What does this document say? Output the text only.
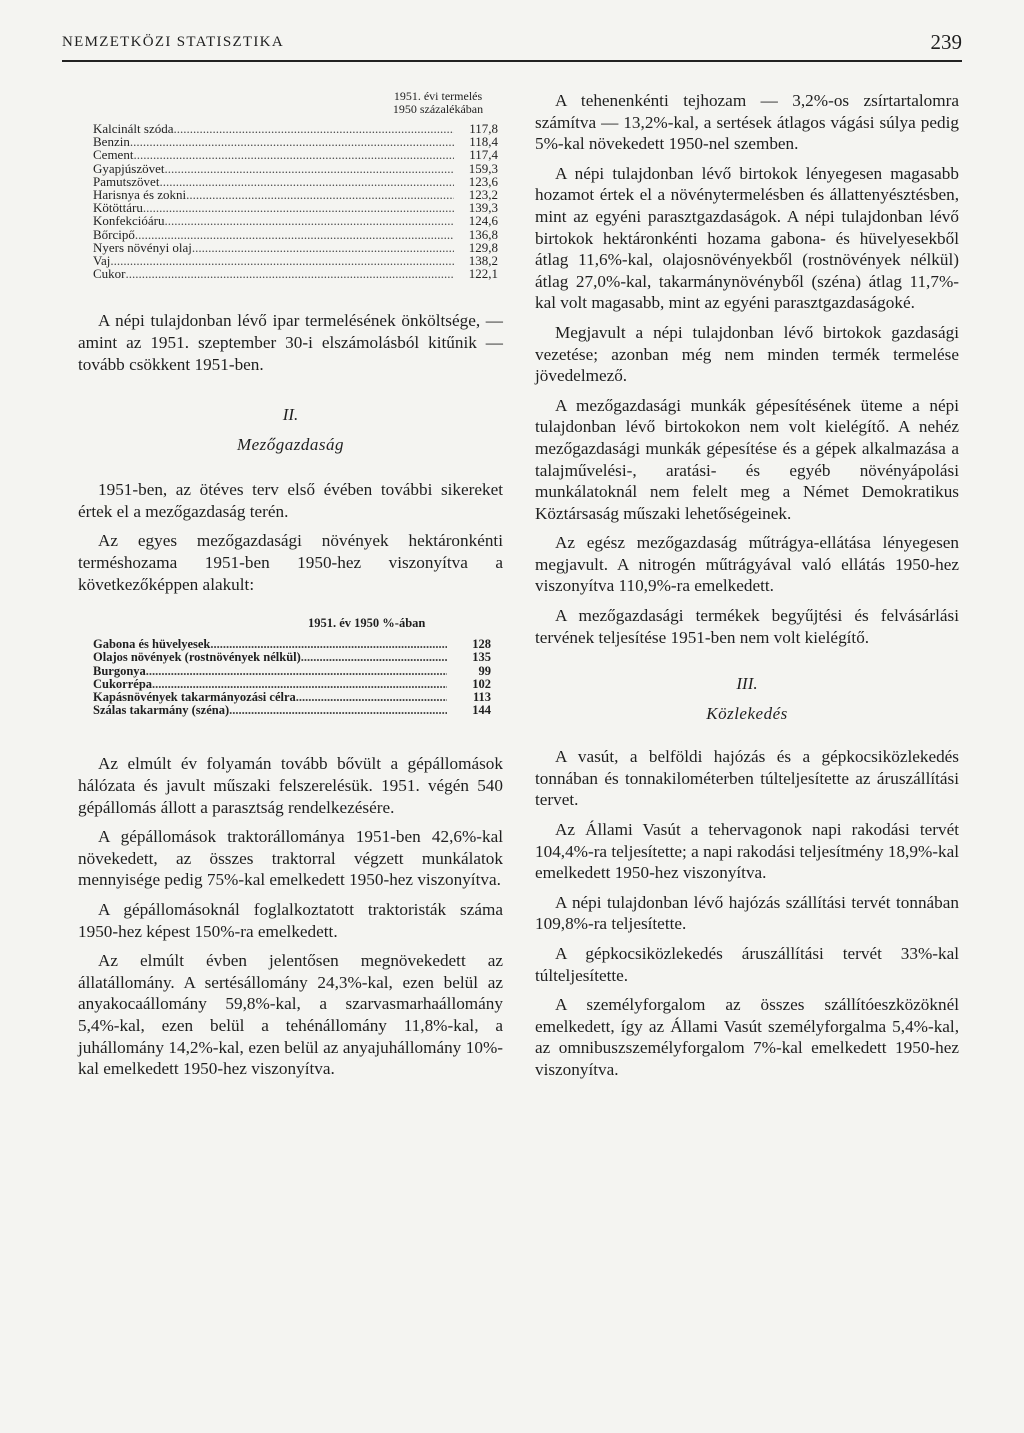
NEMZETKÖZI STATISZTIKA	239
1951. évi termelés
1950 százalékában
Kalcinált szóda .....	117,8
Benzin .....	118,4
Cement .....	117,4
Gyapjúszövet .....	159,3
Pamutszövet .....	123,6
Harisnya és zokni .....	123,2
Kötöttáru .....	139,3
Konfekcióáru .....	124,6
Bőrcipő .....	136,8
Nyers növényi olaj .....	129,8
Vaj .....	138,2
Cukor .....	122,1

A népi tulajdonban lévő ipar termelésének önköltsége, — amint az 1951. szeptember 30-i elszámolásból kitűnik — tovább csökkent 1951-ben.

II.
Mezőgazdaság

1951-ben, az ötéves terv első évében további sikereket értek el a mezőgazdaság terén.

Az egyes mezőgazdasági növények hektáronkénti terméshozama 1951-ben 1950-hez viszonyítva a következőképpen alakult:

1951. év 1950 %-ában
Gabona és hüvelyesek .....	128
Olajos növények (rostnövények nélkül) .....	135
Burgonya .....	99
Cukorrépa .....	102
Kapásnövények takarmányozási célra .....	113
Szálas takarmány (széna) .....	144

Az elmúlt év folyamán tovább bővült a gépállomások hálózata és javult műszaki felszerelésük. 1951. végén 540 gépállomás állott a parasztság rendelkezésére.

A gépállomások traktorállománya 1951-ben 42,6%-kal növekedett, az összes traktorral végzett munkálatok mennyisége pedig 75%-kal emelkedett 1950-hez viszonyítva.

A gépállomásoknál foglalkoztatott traktoristák száma 1950-hez képest 150%-ra emelkedett.

Az elmúlt évben jelentősen megnövekedett az állatállomány. A sertésállomány 24,3%-kal, ezen belül az anyakocaállomány 59,8%-kal, a szarvasmarhaállomány 5,4%-kal, ezen belül a tehénállomány 11,8%-kal, a juhállomány 14,2%-kal, ezen belül az anyajuhállomány 10%-kal emelkedett 1950-hez viszonyítva.

A tehenenkénti tejhozam — 3,2%-os zsírtartalomra számítva — 13,2%-kal, a sertések átlagos vágási súlya pedig 5%-kal növekedett 1950-nel szemben.

A népi tulajdonban lévő birtokok lényegesen magasabb hozamot értek el a növénytermelésben és állattenyésztésben, mint az egyéni parasztgazdaságok. A népi tulajdonban lévő birtokok hektáronkénti hozama gabona- és hüvelyesekből átlag 11,6%-kal, olajosnövényekből (rostnövények nélkül) átlag 27,0%-kal, takarmánynövényből (széna) átlag 11,7%-kal volt magasabb, mint az egyéni parasztgazdaságoké.

Megjavult a népi tulajdonban lévő birtokok gazdasági vezetése; azonban még nem minden termék termelése jövedelmező.

A mezőgazdasági munkák gépesítésének üteme a népi tulajdonban lévő birtokokon nem volt kielégítő. A nehéz mezőgazdasági munkák gépesítése és a gépek alkalmazása a talajművelési-, aratási- és egyéb növényápolási munkálatoknál nem felelt meg a Német Demokratikus Köztársaság műszaki lehetőségeinek.

Az egész mezőgazdaság műtrágya-ellátása lényegesen megjavult. A nitrogén műtrágyával való ellátás 1950-hez viszonyítva 110,9%-ra emelkedett.

A mezőgazdasági termékek begyűjtési és felvásárlási tervének teljesítése 1951-ben nem volt kielégítő.

III.
Közlekedés

A vasút, a belföldi hajózás és a gépkocsiközlekedés tonnában és tonnakilométerben túlteljesítette az áruszállítási tervet.

Az Állami Vasút a tehervagonok napi rakodási tervét 104,4%-ra teljesítette; a napi rakodási teljesítmény 18,9%-kal emelkedett 1950-hez viszonyítva.

A népi tulajdonban lévő hajózás szállítási tervét tonnában 109,8%-ra teljesítette.

A gépkocsiközlekedés áruszállítási tervét 33%-kal túlteljesítette.

A személyforgalom az összes szállítóeszközöknél emelkedett, így az Állami Vasút személyforgalma 5,4%-kal, az omnibuszszemélyforgalom 7%-kal emelkedett 1950-hez viszonyítva.
